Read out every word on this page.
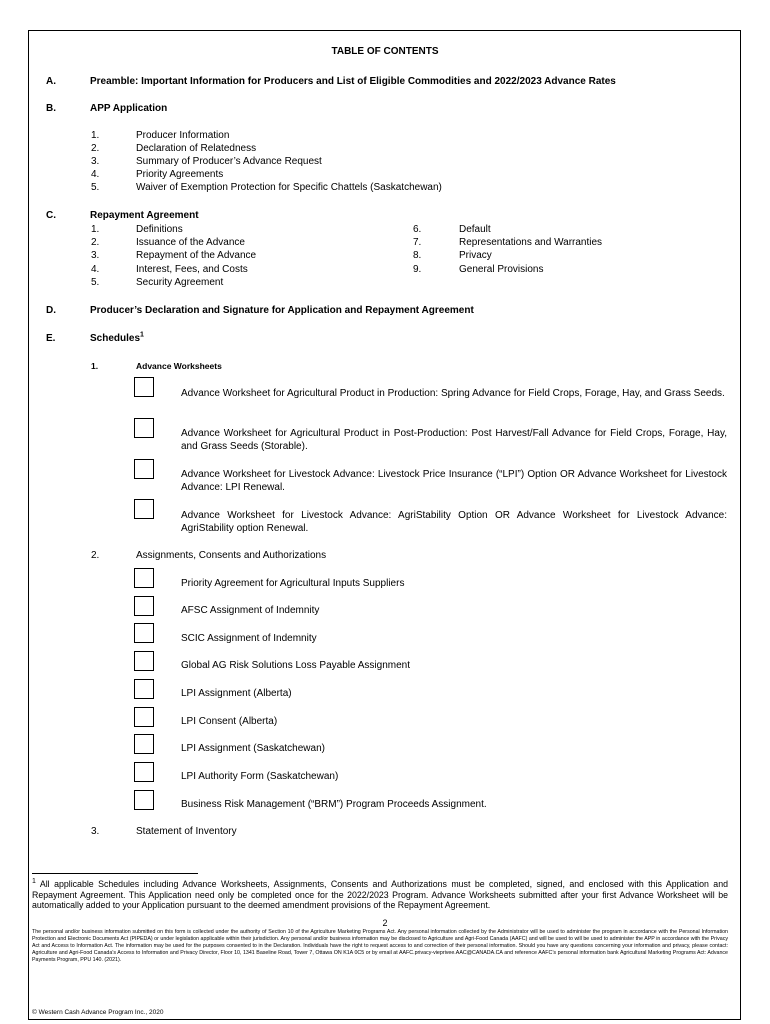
TABLE OF CONTENTS
A.	Preamble: Important Information for Producers and List of Eligible Commodities and 2022/2023 Advance Rates
B.	APP Application
1.	Producer Information
2.	Declaration of Relatedness
3.	Summary of Producer’s Advance Request
4.	Priority Agreements
5.	Waiver of Exemption Protection for Specific Chattels (Saskatchewan)
C.	Repayment Agreement
1.	Definitions
2.	Issuance of the Advance
3.	Repayment of the Advance
4.	Interest, Fees, and Costs
5.	Security Agreement
6.	Default
7.	Representations and Warranties
8.	Privacy
9.	General Provisions
D.	Producer’s Declaration and Signature for Application and Repayment Agreement
E.	Schedules$^1$
1.	Advance Worksheets
Advance Worksheet for Agricultural Product in Production: Spring Advance for Field Crops, Forage, Hay, and Grass Seeds.
Advance Worksheet for Agricultural Product in Post-Production: Post Harvest/Fall Advance for Field Crops, Forage, Hay, and Grass Seeds (Storable).
Advance Worksheet for Livestock Advance: Livestock Price Insurance (“LPI”) Option OR Advance Worksheet for Livestock Advance: LPI Renewal.
Advance Worksheet for Livestock Advance: AgriStability Option OR Advance Worksheet for Livestock Advance: AgriStability option Renewal.
2.	Assignments, Consents and Authorizations
Priority Agreement for Agricultural Inputs Suppliers
AFSC Assignment of Indemnity
SCIC Assignment of Indemnity
Global AG Risk Solutions Loss Payable Assignment
LPI Assignment (Alberta)
LPI Consent (Alberta)
LPI Assignment (Saskatchewan)
LPI Authority Form (Saskatchewan)
Business Risk Management (“BRM”) Program Proceeds Assignment.
3.	Statement of Inventory
$^1$ All applicable Schedules including Advance Worksheets, Assignments, Consents and Authorizations must be completed, signed, and enclosed with this Application and Repayment Agreement. This Application need only be completed once for the 2022/2023 Program. Advance Worksheets submitted after your first Advance Worksheet will be automatically added to your Application pursuant to the deemed amendment provisions of the Repayment Agreement.
2
The personal and/or business information submitted on this form is collected under the authority of Section 10 of the Agriculture Marketing Programs Act. Any personal information collected by the Administrator will be used to administer the program in accordance with the Personal Information Protection and Electronic Documents Act (PIPEDA) or under legislation applicable within their jurisdiction. Any personal and/or business information may be disclosed to Agriculture and Agri-Food Canada (AAFC) and will be used to will be used to administer the APP in accordance with the Privacy Act and Access to Information Act. The information may be used for the purposes consented to in the Declaration. Individuals have the right to request access to and correction of their personal information. Should you have any questions concerning your information and privacy, please contact: Agriculture and Agri-Food Canada’s Access to Information and Privacy Director, Floor 10, 1341 Baseline Road, Tower 7, Ottawa ON K1A 0C5 or by email at AAFC.privacy-vieprivee.AAC@CANADA.CA and reference AAFC’s personal information bank Agricultural Marketing Programs Act: Advance Payments Program, PPU 140. (2021).
© Western Cash Advance Program Inc., 2020
